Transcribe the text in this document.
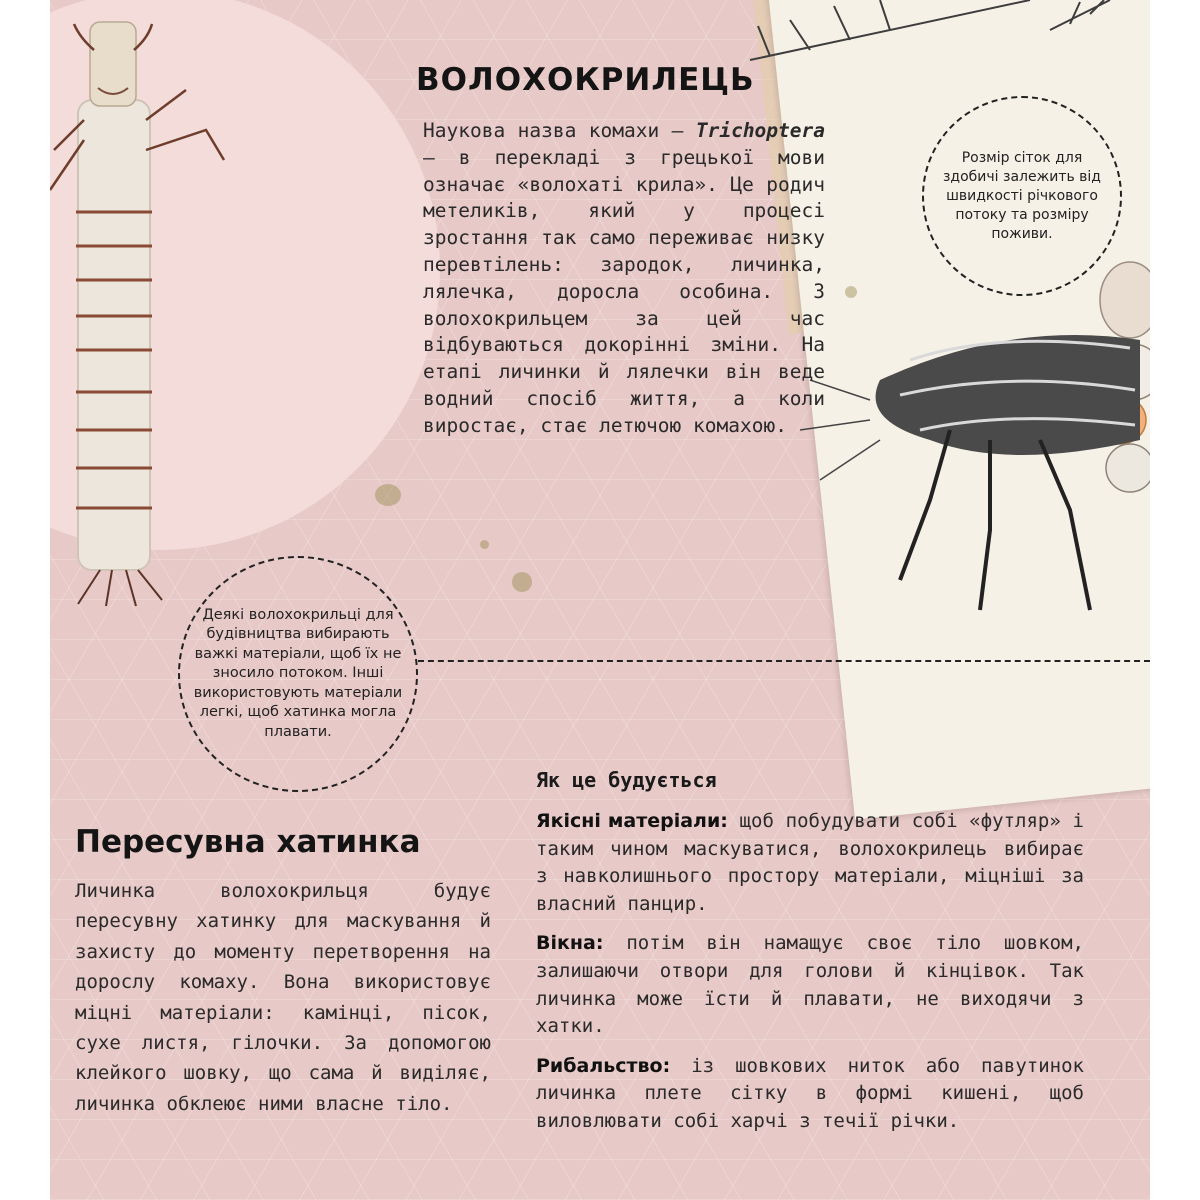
ВОЛОХОКРИЛЕЦЬ

Наукова назва комахи — Trichoptera — в перекладі з грецької мови означає «волохаті крила». Це родич метеликів, який у процесі зростання так само переживає низку перевтілень: зародок, личинка, лялечка, доросла особина. З волохокрильцем за цей час відбуваються докорінні зміни. На етапі личинки й лялечки він веде водний спосіб життя, а коли виростає, стає летючою комахою.

Розмір сіток для здобичі залежить від швидкості річкового потоку та розміру поживи.
Деякі волохокрильці для будівництва вибирають важкі матеріали, щоб їх не зносило потоком. Інші використовують матеріали легкі, щоб хатинка могла плавати.
Як це будується

Якісні матеріали: щоб побудувати собі «футляр» і таким чином маскуватися, волохокрилець вибирає з навколишнього простору матеріали, міцніші за власний панцир.

Вікна: потім він намащує своє тіло шовком, залишаючи отвори для голови й кінцівок. Так личинка може їсти й плавати, не виходячи з хатки.

Рибальство: із шовкових ниток або павутинок личинка плете сітку в формі кишені, щоб виловлювати собі харчі з течії річки.

Пересувна хатинка

Личинка волохокрильця будує пересувну хатинку для маскування й захисту до моменту перетворення на дорослу комаху. Вона використовує міцні матеріали: камінці, пісок, сухе листя, гілочки. За допомогою клейкого шовку, що сама й виділяє, личинка обклеює ними власне тіло.
